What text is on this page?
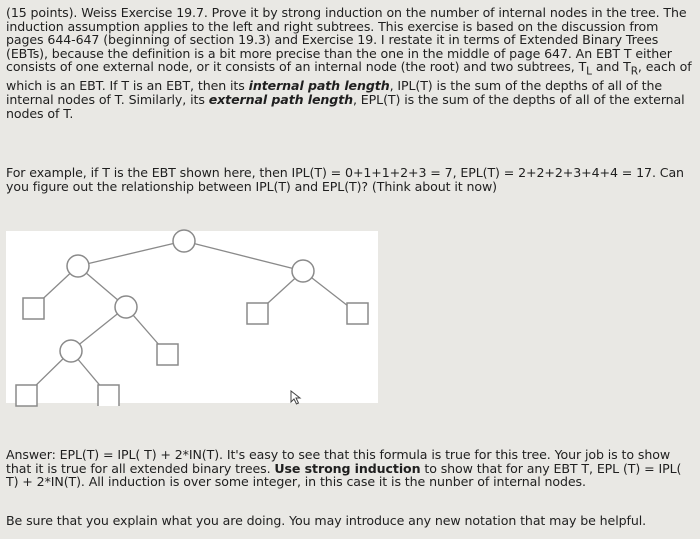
(15 points). Weiss Exercise 19.7. Prove it by strong induction on the number of internal nodes in the tree. The induction assumption applies to the left and right subtrees. This exercise is based on the discussion from pages 644-647 (beginning of section 19.3) and Exercise 19. I restate it in terms of Extended Binary Trees (EBTs), because the definition is a bit more precise than the one in the middle of page 647. An EBT T either consists of one external node, or it consists of an internal node (the root) and two subtrees, $T_L$ and $T_R$, each of which is an EBT. If T is an EBT, then its internal path length, IPL(T) is the sum of the depths of all of the internal nodes of T. Similarly, its external path length, EPL(T) is the sum of the depths of all of the external nodes of T.
For example, if T is the EBT shown here, then IPL(T) = 0+1+1+2+3 = 7, EPL(T) = 2+2+2+3+4+4 = 17. Can you figure out the relationship between IPL(T) and EPL(T)? (Think about it now)
Answer: EPL(T) = IPL( T) + 2*IN(T). It's easy to see that this formula is true for this tree. Your job is to show that it is true for all extended binary trees. Use strong induction to show that for any EBT T, EPL (T) = IPL( T) + 2*IN(T). All induction is over some integer, in this case it is the nunber of internal nodes.
Be sure that you explain what you are doing. You may introduce any new notation that may be helpful.
